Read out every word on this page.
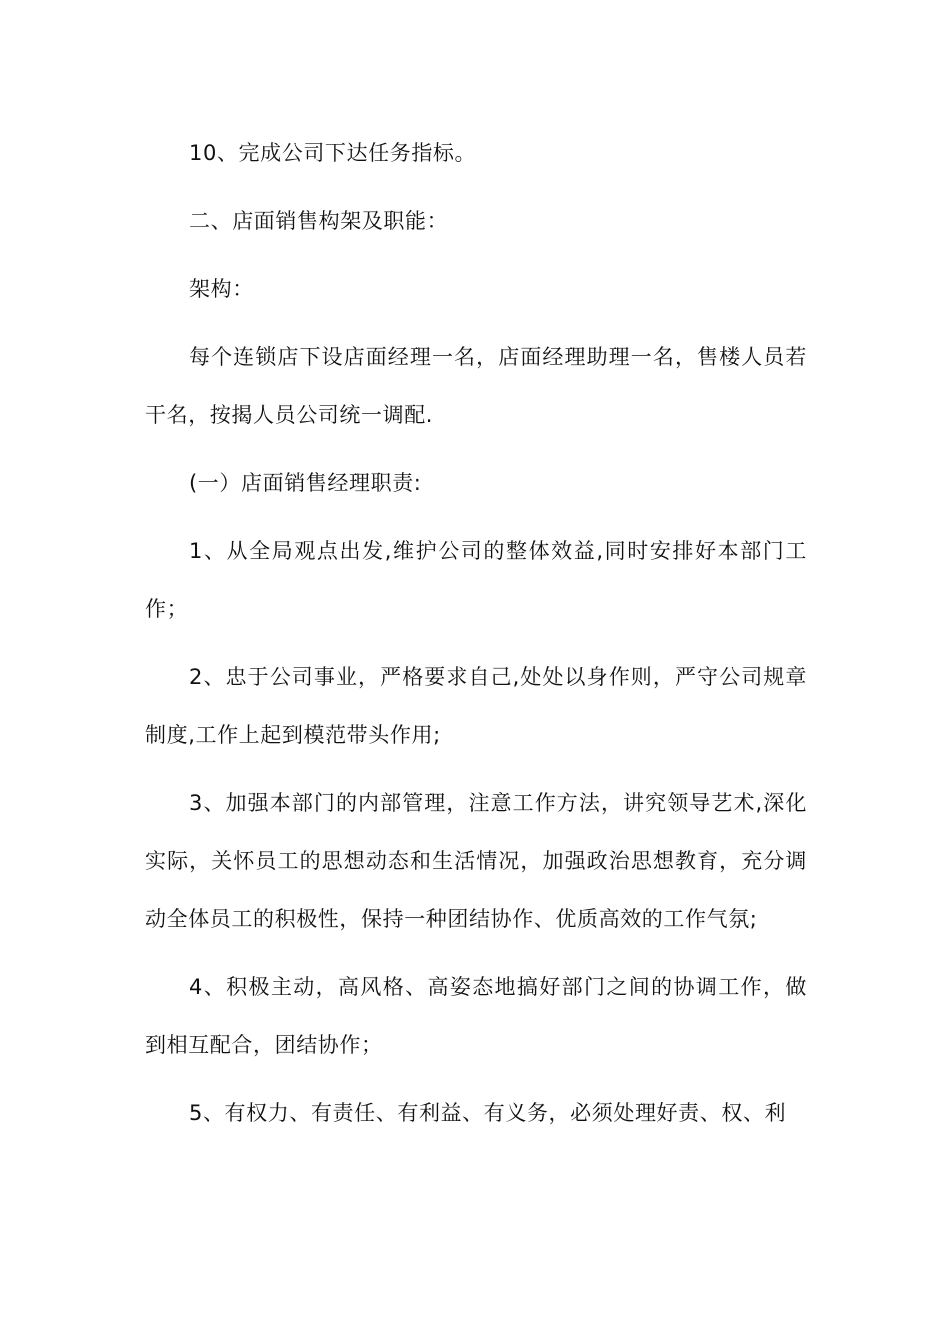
10、完成公司下达任务指标。

二、店面销售构架及职能：

架构：

每个连锁店下设店面经理一名，店面经理助理一名，售楼人员若干名，按揭人员公司统一调配.

(一）店面销售经理职责:

1、从全局观点出发,维护公司的整体效益,同时安排好本部门工作；

2、忠于公司事业，严格要求自己,处处以身作则，严守公司规章制度,工作上起到模范带头作用;

3、加强本部门的内部管理，注意工作方法，讲究领导艺术,深化实际，关怀员工的思想动态和生活情况，加强政治思想教育，充分调动全体员工的积极性，保持一种团结协作、优质高效的工作气氛;

4、积极主动，高风格、高姿态地搞好部门之间的协调工作，做到相互配合，团结协作；

5、有权力、有责任、有利益、有义务，必须处理好责、权、利
